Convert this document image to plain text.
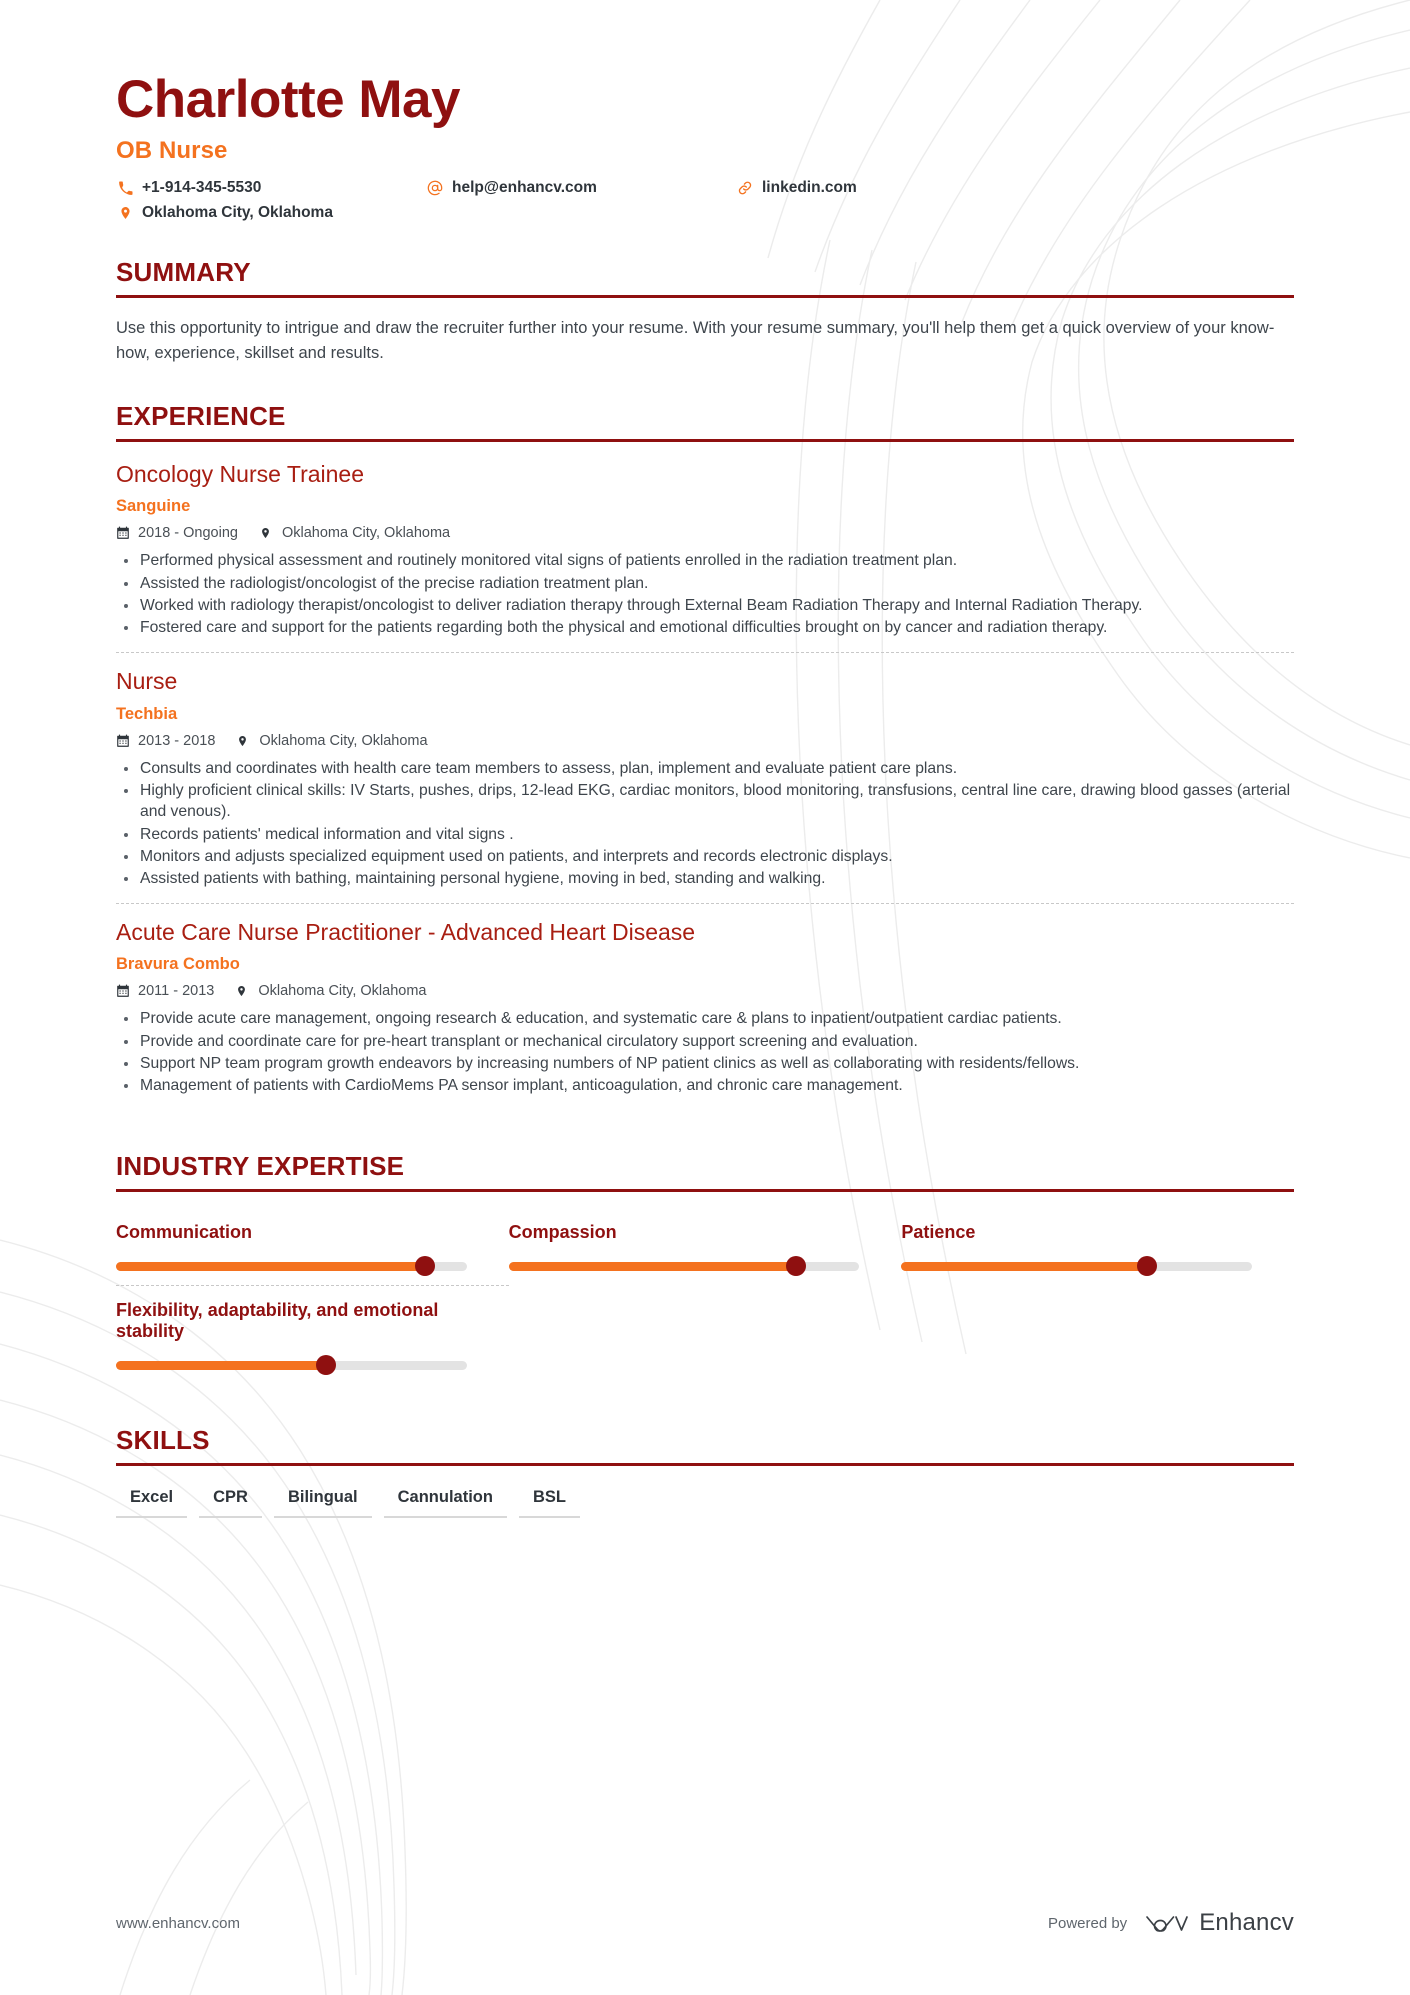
Charlotte May
OB Nurse
+1-914-345-5530	help@enhancv.com	linkedin.com
Oklahoma City, Oklahoma
SUMMARY

Use this opportunity to intrigue and draw the recruiter further into your resume. With your resume summary, you'll help them get a quick overview of your know-how, experience, skillset and results.

EXPERIENCE
Oncology Nurse Trainee
Sanguine
2018 - Ongoing	Oklahoma City, Oklahoma
Performed physical assessment and routinely monitored vital signs of patients enrolled in the radiation treatment plan.
Assisted the radiologist/oncologist of the precise radiation treatment plan.
Worked with radiology therapist/oncologist to deliver radiation therapy through External Beam Radiation Therapy and Internal Radiation Therapy.
Fostered care and support for the patients regarding both the physical and emotional difficulties brought on by cancer and radiation therapy.
Nurse
Techbia
2013 - 2018	Oklahoma City, Oklahoma
Consults and coordinates with health care team members to assess, plan, implement and evaluate patient care plans.
Highly proficient clinical skills: IV Starts, pushes, drips, 12-lead EKG, cardiac monitors, blood monitoring, transfusions, central line care, drawing blood gasses (arterial and venous).
Records patients' medical information and vital signs .
Monitors and adjusts specialized equipment used on patients, and interprets and records electronic displays.
Assisted patients with bathing, maintaining personal hygiene, moving in bed, standing and walking.
Acute Care Nurse Practitioner - Advanced Heart Disease
Bravura Combo
2011 - 2013	Oklahoma City, Oklahoma
Provide acute care management, ongoing research & education, and systematic care & plans to inpatient/outpatient cardiac patients.
Provide and coordinate care for pre-heart transplant or mechanical circulatory support screening and evaluation.
Support NP team program growth endeavors by increasing numbers of NP patient clinics as well as collaborating with residents/fellows.
Management of patients with CardioMems PA sensor implant, anticoagulation, and chronic care management.
INDUSTRY EXPERTISE
Communication	Compassion	Patience
Flexibility, adaptability, and emotional stability
SKILLS
Excel	CPR	Bilingual	Cannulation	BSL
www.enhancv.com	Powered by	Enhancv
